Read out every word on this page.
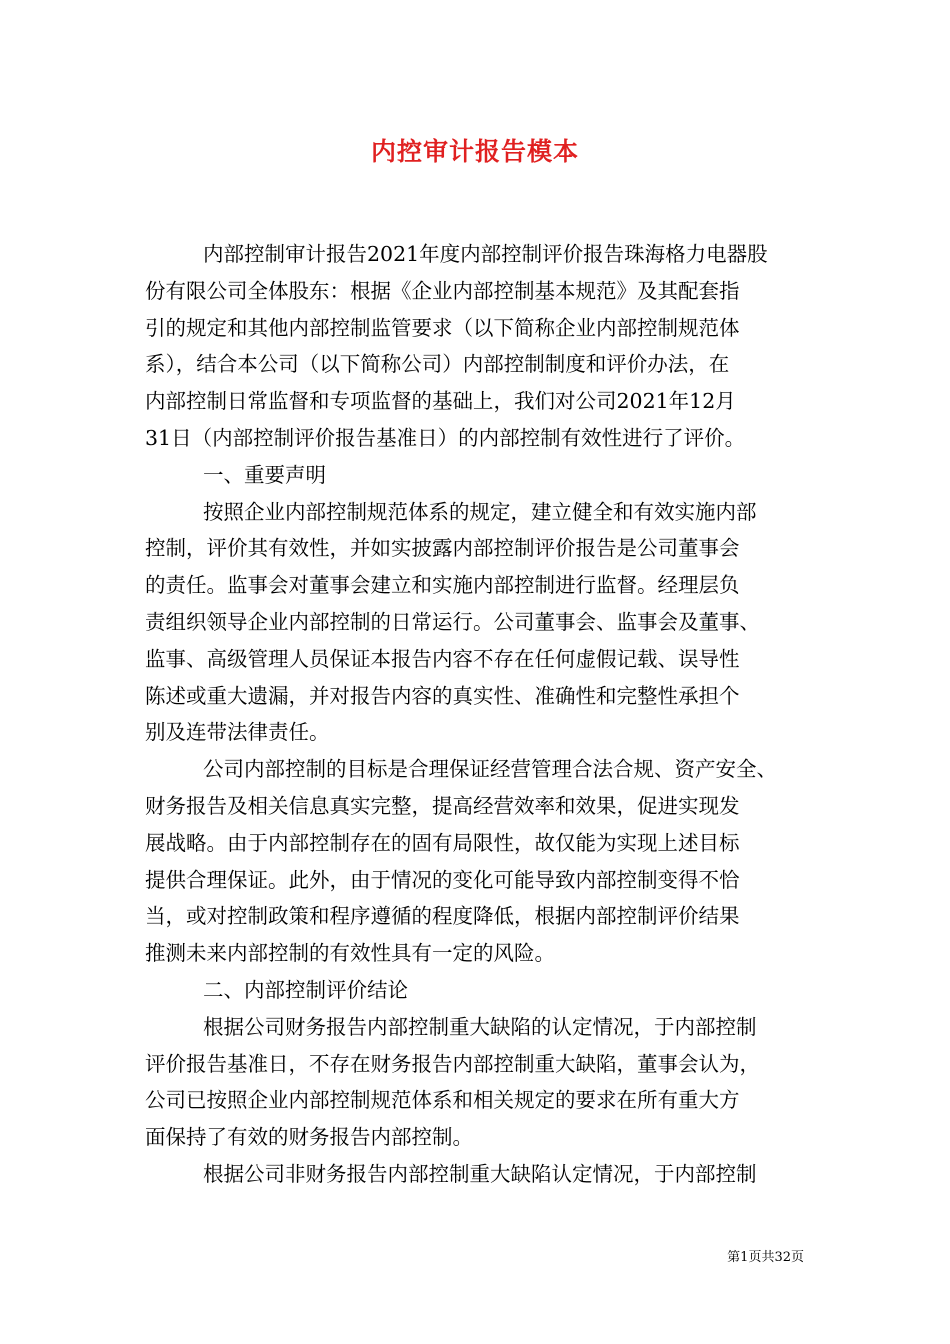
内控审计报告模本
内部控制审计报告2021年度内部控制评价报告珠海格力电器股
份有限公司全体股东：根据《企业内部控制基本规范》及其配套指
引的规定和其他内部控制监管要求（以下简称企业内部控制规范体
系），结合本公司（以下简称公司）内部控制制度和评价办法，在
内部控制日常监督和专项监督的基础上，我们对公司2021年12月
31日（内部控制评价报告基准日）的内部控制有效性进行了评价。
一、重要声明
按照企业内部控制规范体系的规定，建立健全和有效实施内部
控制，评价其有效性，并如实披露内部控制评价报告是公司董事会
的责任。监事会对董事会建立和实施内部控制进行监督。经理层负
责组织领导企业内部控制的日常运行。公司董事会、监事会及董事、
监事、高级管理人员保证本报告内容不存在任何虚假记载、误导性
陈述或重大遗漏，并对报告内容的真实性、准确性和完整性承担个
别及连带法律责任。
公司内部控制的目标是合理保证经营管理合法合规、资产安全、
财务报告及相关信息真实完整，提高经营效率和效果，促进实现发
展战略。由于内部控制存在的固有局限性，故仅能为实现上述目标
提供合理保证。此外，由于情况的变化可能导致内部控制变得不恰
当，或对控制政策和程序遵循的程度降低，根据内部控制评价结果
推测未来内部控制的有效性具有一定的风险。
二、内部控制评价结论
根据公司财务报告内部控制重大缺陷的认定情况，于内部控制
评价报告基准日，不存在财务报告内部控制重大缺陷，董事会认为，
公司已按照企业内部控制规范体系和相关规定的要求在所有重大方
面保持了有效的财务报告内部控制。
根据公司非财务报告内部控制重大缺陷认定情况，于内部控制
第1页共32页
